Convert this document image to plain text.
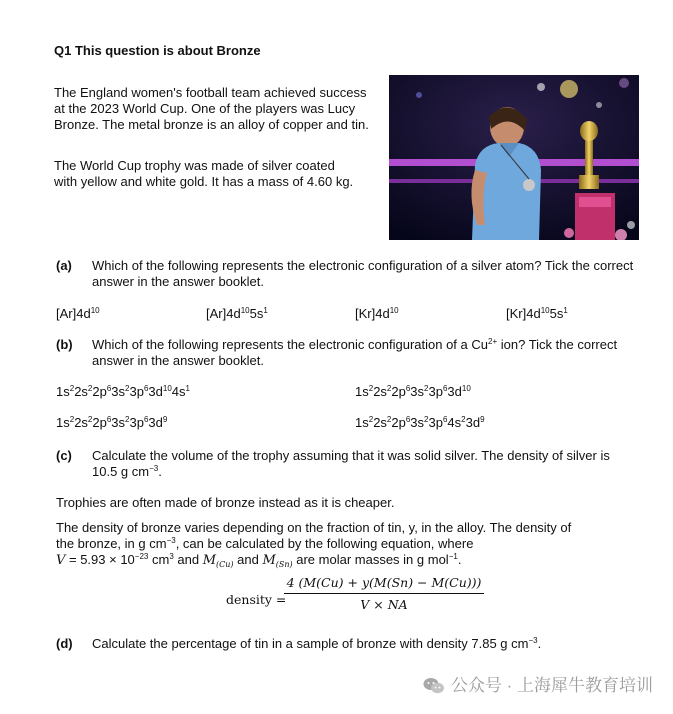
Q1 This question is about Bronze
The England women's football team achieved success at the 2023 World Cup. One of the players was Lucy Bronze. The metal bronze is an alloy of copper and tin.
The World Cup trophy was made of silver coated with yellow and white gold. It has a mass of 4.60 kg.
(a) Which of the following represents the electronic configuration of a silver atom? Tick the correct answer in the answer booklet.
$[Ar]4d^{10}$	$[Ar]4d^{10}5s^1$	$[Kr]4d^{10}$	$[Kr]4d^{10}5s^1$
(b) Which of the following represents the electronic configuration of a $Cu^{2+}$ ion? Tick the correct answer in the answer booklet.
$1s^22s^22p^63s^23p^63d^{10}4s^1$	$1s^22s^22p^63s^23p^63d^{10}$
$1s^22s^22p^63s^23p^63d^9$	$1s^22s^22p^63s^23p^64s^23d^9$
(c) Calculate the volume of the trophy assuming that it was solid silver. The density of silver is 10.5 g $cm^{-3}$.
Trophies are often made of bronze instead as it is cheaper.
The density of bronze varies depending on the fraction of tin, y, in the alloy. The density of
the bronze, in g $cm^{-3}$, can be calculated by the following equation, where
$V = 5.93 \times 10^{-23}$ $cm^3$ and $M_{(Cu)}$ and $M_{(Sn)}$ are molar masses in g mol$^{-1}$.
density =
$\frac{4 (M(Cu) + y(M(Sn) - M(Cu)))}{V \times NA}$
(d) Calculate the percentage of tin in a sample of bronze with density 7.85 g $cm^{-3}$.
公众号 · 上海犀牛教育培训
